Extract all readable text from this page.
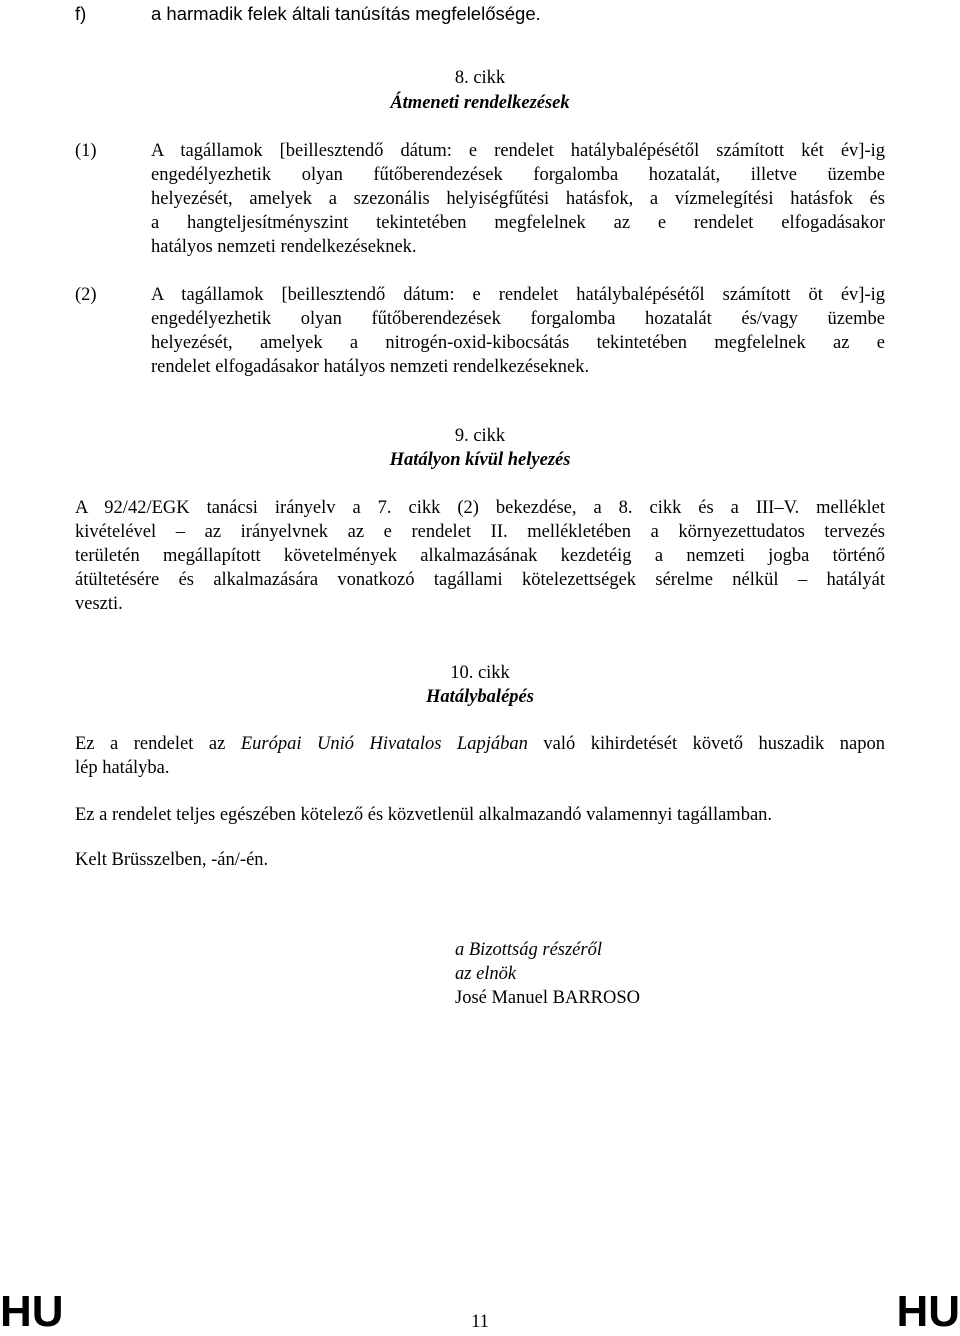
f)	a harmadik felek általi tanúsítás megfelelősége.
8. cikk
Átmeneti rendelkezések
(1)	A tagállamok [beillesztendő dátum: e rendelet hatálybalépésétől számított két év]-ig
engedélyezhetik olyan fűtőberendezések forgalomba hozatalát, illetve üzembe
helyezését, amelyek a szezonális helyiségfűtési hatásfok, a vízmelegítési hatásfok és
a hangteljesítményszint tekintetében megfelelnek az e rendelet elfogadásakor
hatályos nemzeti rendelkezéseknek.
(2)	A tagállamok [beillesztendő dátum: e rendelet hatálybalépésétől számított öt év]-ig
engedélyezhetik olyan fűtőberendezések forgalomba hozatalát és/vagy üzembe
helyezését, amelyek a nitrogén-oxid-kibocsátás tekintetében megfelelnek az e
rendelet elfogadásakor hatályos nemzeti rendelkezéseknek.
9. cikk
Hatályon kívül helyezés
A 92/42/EGK tanácsi irányelv a 7. cikk (2) bekezdése, a 8. cikk és a III–V. melléklet
kivételével – az irányelvnek az e rendelet II. mellékletében a környezettudatos tervezés
területén megállapított követelmények alkalmazásának kezdetéig a nemzeti jogba történő
átültetésére és alkalmazására vonatkozó tagállami kötelezettségek sérelme nélkül – hatályát
veszti.
10. cikk
Hatálybalépés
Ez a rendelet az Európai Unió Hivatalos Lapjában való kihirdetését követő huszadik napon
lép hatályba.
Ez a rendelet teljes egészében kötelező és közvetlenül alkalmazandó valamennyi tagállamban.
Kelt Brüsszelben, -án/-én.
a Bizottság részéről
az elnök
José Manuel BARROSO
HU	11	HU
